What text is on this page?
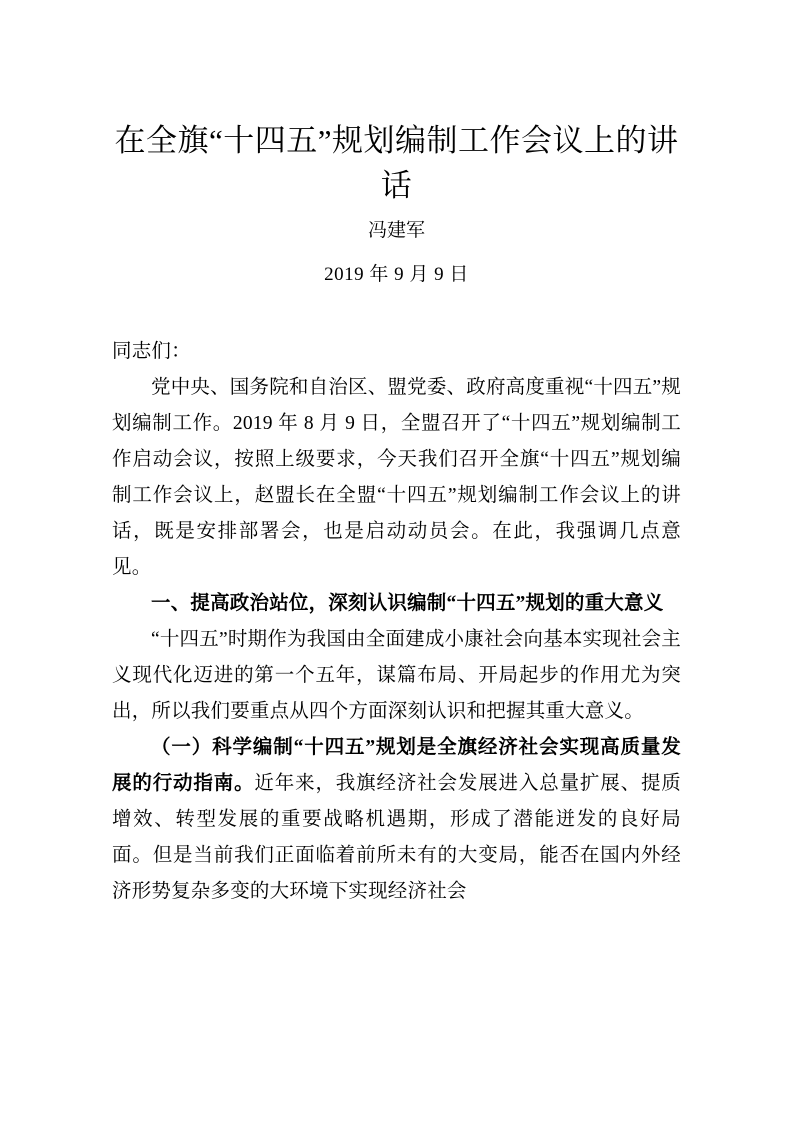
在全旗“十四五”规划编制工作会议上的讲话
冯建军
2019 年 9 月 9 日

同志们：

党中央、国务院和自治区、盟党委、政府高度重视“十四五”规划编制工作。2019 年 8 月 9 日，全盟召开了“十四五”规划编制工作启动会议，按照上级要求，今天我们召开全旗“十四五”规划编制工作会议上，赵盟长在全盟“十四五”规划编制工作会议上的讲话，既是安排部署会，也是启动动员会。在此，我强调几点意见。

一、提高政治站位，深刻认识编制“十四五”规划的重大意义

“十四五”时期作为我国由全面建成小康社会向基本实现社会主义现代化迈进的第一个五年，谋篇布局、开局起步的作用尤为突出，所以我们要重点从四个方面深刻认识和把握其重大意义。

（一）科学编制“十四五”规划是全旗经济社会实现高质量发展的行动指南。近年来，我旗经济社会发展进入总量扩展、提质增效、转型发展的重要战略机遇期，形成了潜能迸发的良好局面。但是当前我们正面临着前所未有的大变局，能否在国内外经济形势复杂多变的大环境下实现经济社会
